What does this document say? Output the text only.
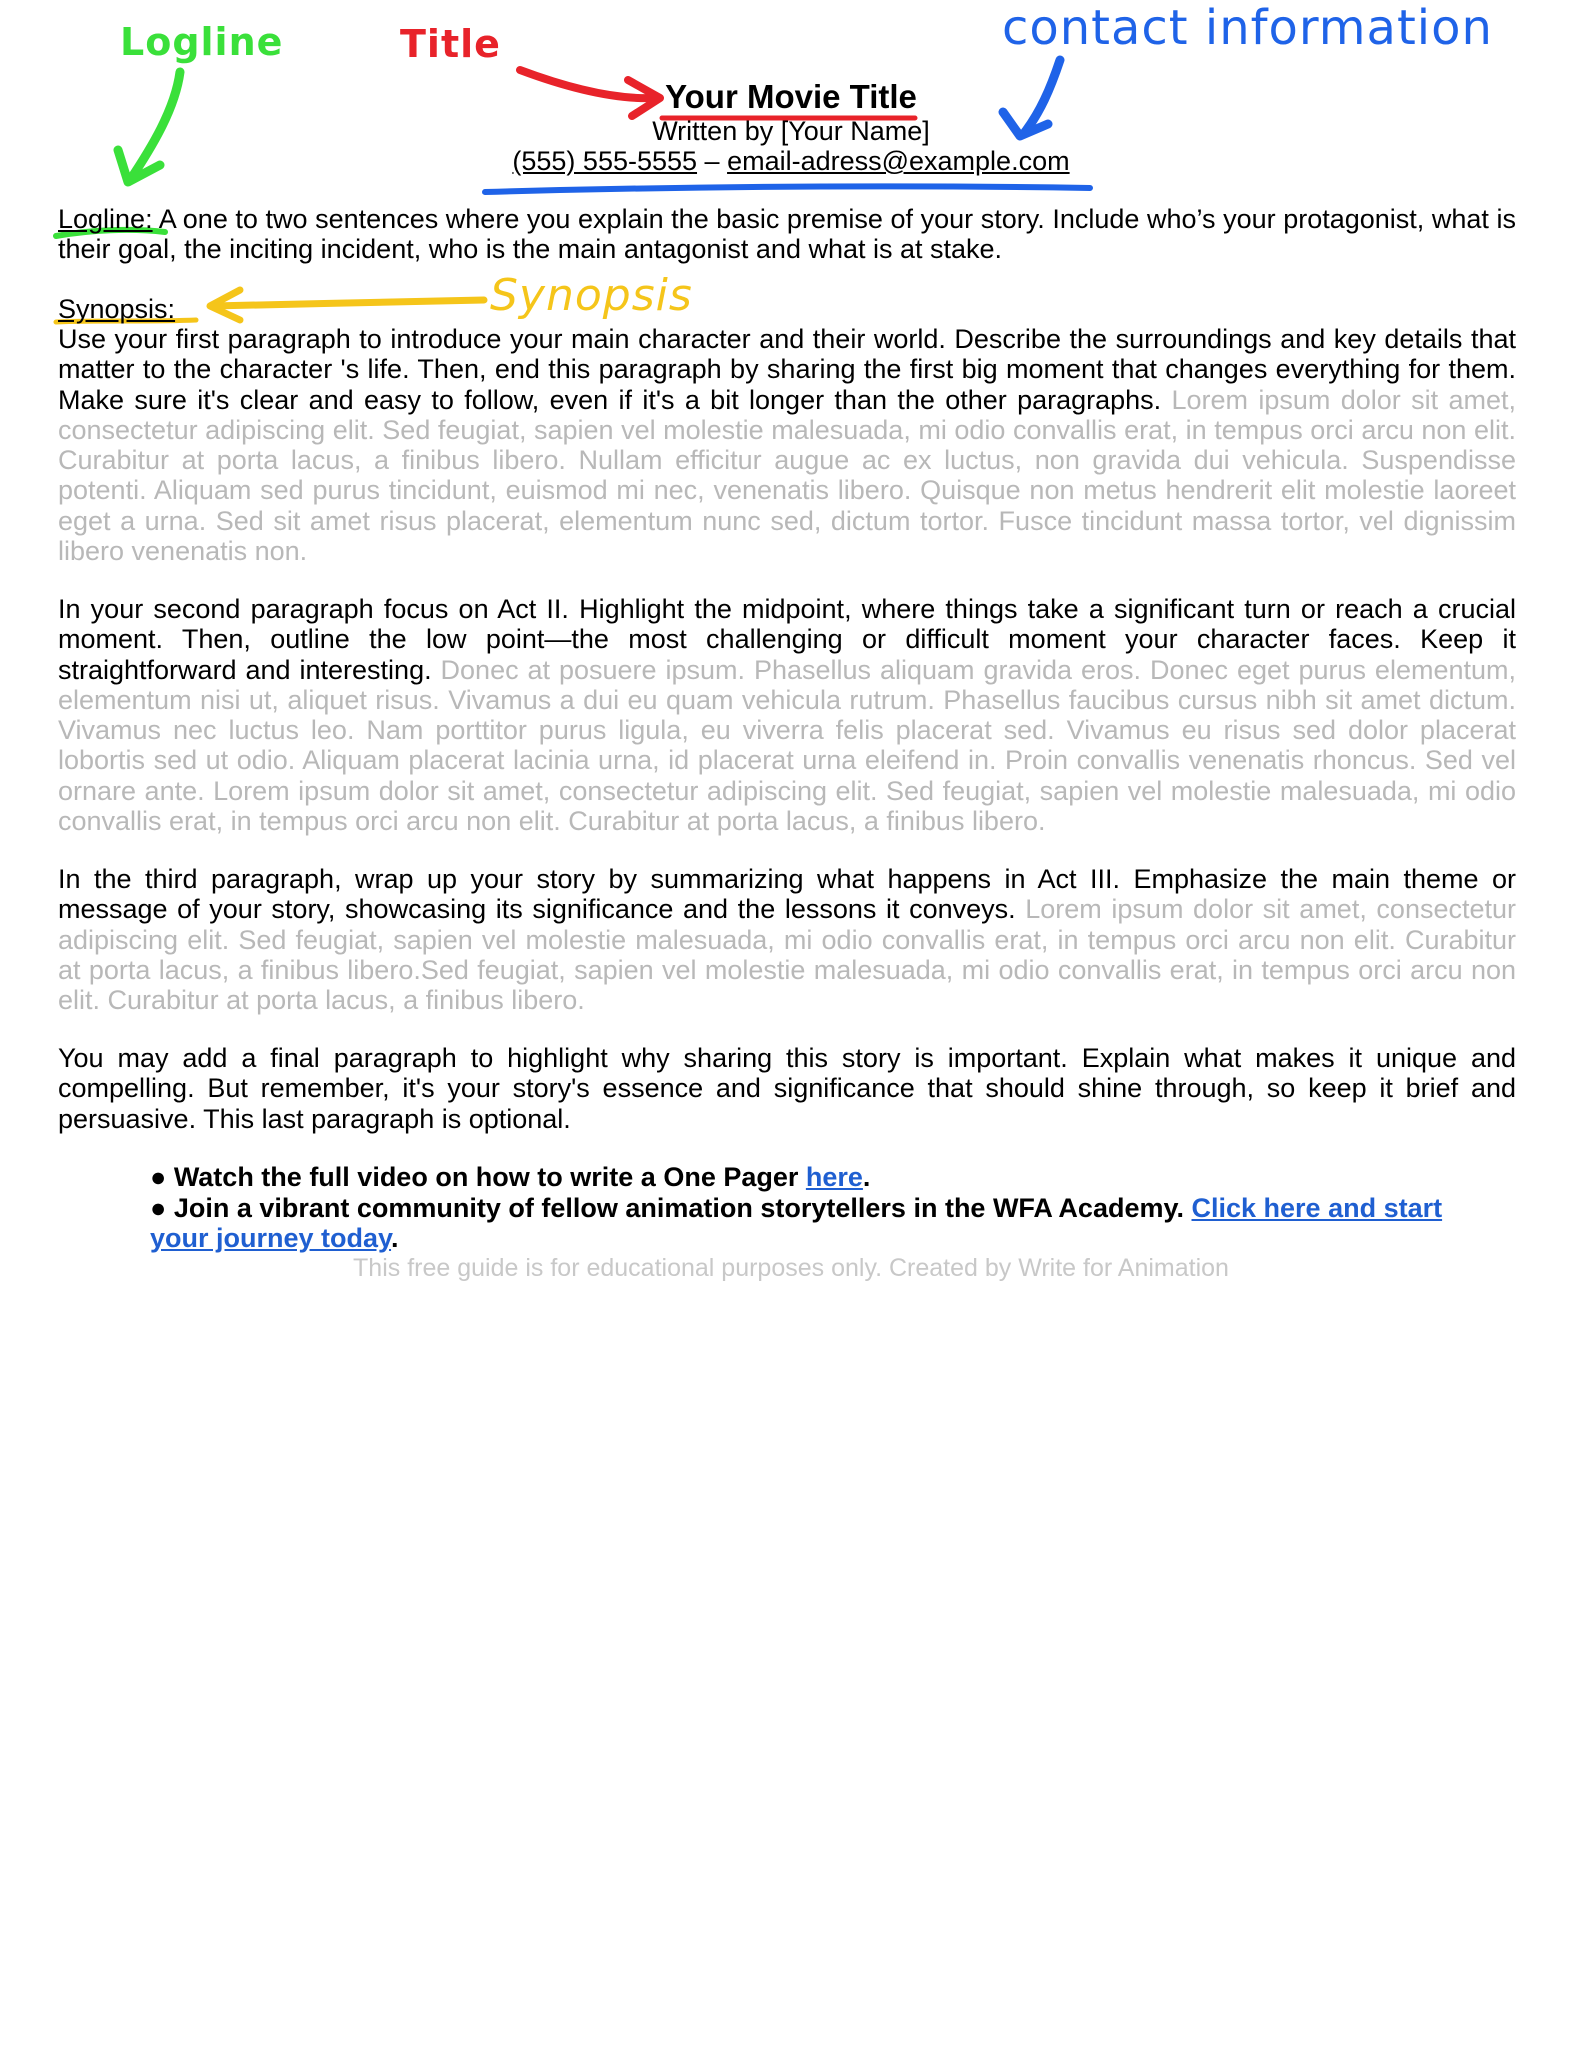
Logline	Title	contact information
Synopsis
Your Movie Title
Written by [Your Name]
(555) 555-5555 – email-adress@example.com
Logline: A one to two sentences where you explain the basic premise of your story. Include who’s your protagonist, what is their goal, the inciting incident, who is the main antagonist and what is at stake.
Synopsis:
Use your first paragraph to introduce your main character and their world. Describe the surroundings and key details that matter to the character 's life. Then, end this paragraph by sharing the first big moment that changes everything for them. Make sure it's clear and easy to follow, even if it's a bit longer than the other paragraphs. Lorem ipsum dolor sit amet, consectetur adipiscing elit. Sed feugiat, sapien vel molestie malesuada, mi odio convallis erat, in tempus orci arcu non elit. Curabitur at porta lacus, a finibus libero. Nullam efficitur augue ac ex luctus, non gravida dui vehicula. Suspendisse potenti. Aliquam sed purus tincidunt, euismod mi nec, venenatis libero. Quisque non metus hendrerit elit molestie laoreet eget a urna. Sed sit amet risus placerat, elementum nunc sed, dictum tortor. Fusce tincidunt massa tortor, vel dignissim libero venenatis non.
In your second paragraph focus on Act II. Highlight the midpoint, where things take a significant turn or reach a crucial moment. Then, outline the low point—the most challenging or difficult moment your character faces. Keep it straightforward and interesting. Donec at posuere ipsum. Phasellus aliquam gravida eros. Donec eget purus elementum, elementum nisi ut, aliquet risus. Vivamus a dui eu quam vehicula rutrum. Phasellus faucibus cursus nibh sit amet dictum. Vivamus nec luctus leo. Nam porttitor purus ligula, eu viverra felis placerat sed. Vivamus eu risus sed dolor placerat lobortis sed ut odio. Aliquam placerat lacinia urna, id placerat urna eleifend in. Proin convallis venenatis rhoncus. Sed vel ornare ante. Lorem ipsum dolor sit amet, consectetur adipiscing elit. Sed feugiat, sapien vel molestie malesuada, mi odio convallis erat, in tempus orci arcu non elit. Curabitur at porta lacus, a finibus libero.
In the third paragraph, wrap up your story by summarizing what happens in Act III. Emphasize the main theme or message of your story, showcasing its significance and the lessons it conveys. Lorem ipsum dolor sit amet, consectetur adipiscing elit. Sed feugiat, sapien vel molestie malesuada, mi odio convallis erat, in tempus orci arcu non elit. Curabitur at porta lacus, a finibus libero.Sed feugiat, sapien vel molestie malesuada, mi odio convallis erat, in tempus orci arcu non elit. Curabitur at porta lacus, a finibus libero.
You may add a final paragraph to highlight why sharing this story is important. Explain what makes it unique and compelling. But remember, it's your story's essence and significance that should shine through, so keep it brief and persuasive. This last paragraph is optional.
● Watch the full video on how to write a One Pager here.
● Join a vibrant community of fellow animation storytellers in the WFA Academy. Click here and start your journey today.
This free guide is for educational purposes only. Created by Write for Animation
